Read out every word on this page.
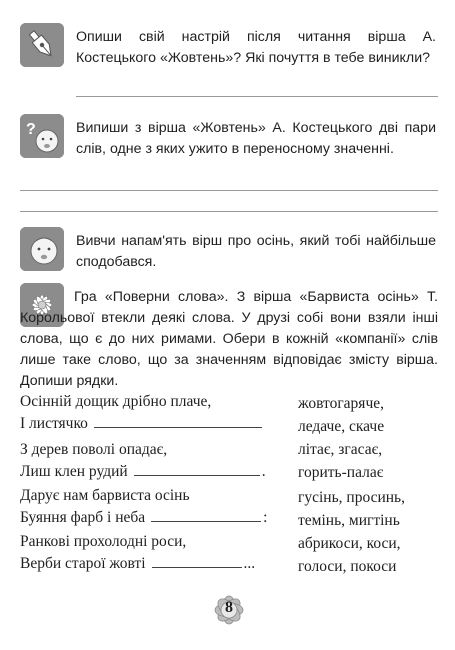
Опиши свій настрій після читання вірша А. Костецького «Жовтень»? Які почуття в тебе виникли?
?	Випиши з вірша «Жовтень» А. Костецького дві пари слів, одне з яких ужито в переносному значенні.
Вивчи напам'ять вірш про осінь, який тобі найбільше сподобався.
Гра «Поверни слова». З вірша «Барвиста осінь» Т. Корольової втекли деякі слова. У друзі собі вони взяли інші слова, що є до них римами. Обери в кожній «компанії» слів лише таке слово, що за значенням відповідає змісту вірша. Допиши рядки.
Осінній дощик дрібно плаче,
І листячко
З дерев поволі опадає,
Лиш клен рудий	.
Дарує нам барвиста осінь
Буяння фарб і неба	:
Ранкові прохолодні роси,
Верби старої жовті	...
жовтогаряче,
ледаче, скаче
літає, згасає,
горить-палає
гусінь, просинь,
темінь, мигтінь
абрикоси, коси,
голоси, покоси
8
